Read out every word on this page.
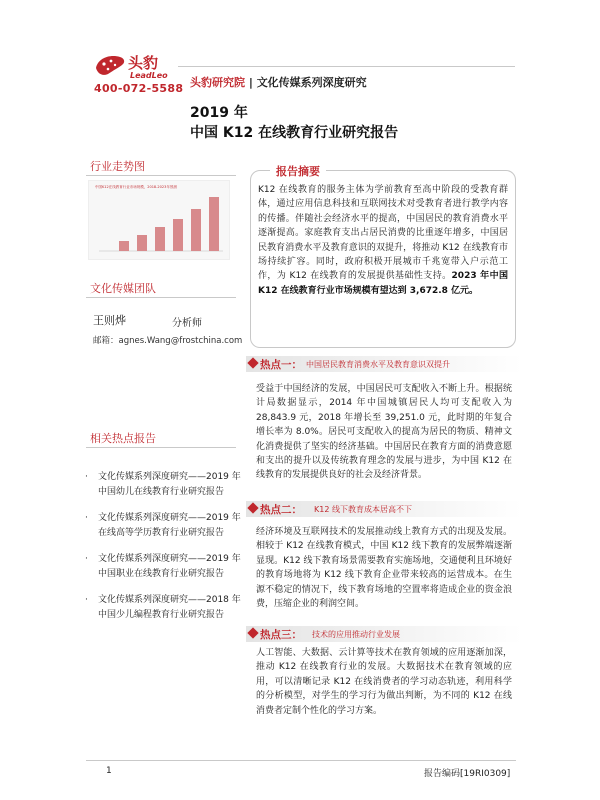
头豹
LeadLeo
400-072-5588 头豹研究院 | 文化传媒系列深度研究
2019 年
中国 K12 在线教育行业研究报告
行业走势图
中国K12在线教育行业市场规模，2018-2023年预测
文化传媒团队
王则烨	分析师
邮箱：agnes.Wang@frostchina.com
相关热点报告
· 文化传媒系列深度研究——2019 年中国幼儿在线教育行业研究报告
· 文化传媒系列深度研究——2019 年在线高等学历教育行业研究报告
· 文化传媒系列深度研究——2019 年中国职业在线教育行业研究报告
· 文化传媒系列深度研究——2018 年中国少儿编程教育行业研究报告
报告摘要
K12 在线教育的服务主体为学前教育至高中阶段的受教育群体，通过应用信息科技和互联网技术对受教育者进行教学内容的传播。伴随社会经济水平的提高，中国居民的教育消费水平逐渐提高。家庭教育支出占居民消费的比重逐年增多，中国居民教育消费水平及教育意识的双提升，将推动 K12 在线教育市场持续扩容。同时，政府积极开展城市千兆宽带入户示范工作，为 K12 在线教育的发展提供基础性支持。2023 年中国 K12 在线教育行业市场规模有望达到 3,672.8 亿元。
热点一： 中国居民教育消费水平及教育意识双提升
受益于中国经济的发展，中国居民可支配收入不断上升。根据统计局数据显示，2014 年中国城镇居民人均可支配收入为 28,843.9 元，2018 年增长至 39,251.0 元，此时期的年复合增长率为 8.0%。居民可支配收入的提高为居民的物质、精神文化消费提供了坚实的经济基础。中国居民在教育方面的消费意愿和支出的提升以及传统教育理念的发展与进步，为中国 K12 在线教育的发展提供良好的社会及经济背景。
热点二： K12 线下教育成本居高不下
经济环境及互联网技术的发展推动线上教育方式的出现及发展。相较于 K12 在线教育模式，中国 K12 线下教育的发展弊端逐渐显现。K12 线下教育场景需要教育实施场地，交通便利且环境好的教育场地将为 K12 线下教育企业带来较高的运营成本。在生源不稳定的情况下，线下教育场地的空置率将造成企业的资金浪费，压缩企业的利润空间。
热点三： 技术的应用推动行业发展
人工智能、大数据、云计算等技术在教育领域的应用逐渐加深，推动 K12 在线教育行业的发展。大数据技术在教育领域的应用，可以清晰记录 K12 在线消费者的学习动态轨迹，利用科学的分析模型，对学生的学习行为做出判断，为不同的 K12 在线消费者定制个性化的学习方案。
1	报告编码[19RI0309]
